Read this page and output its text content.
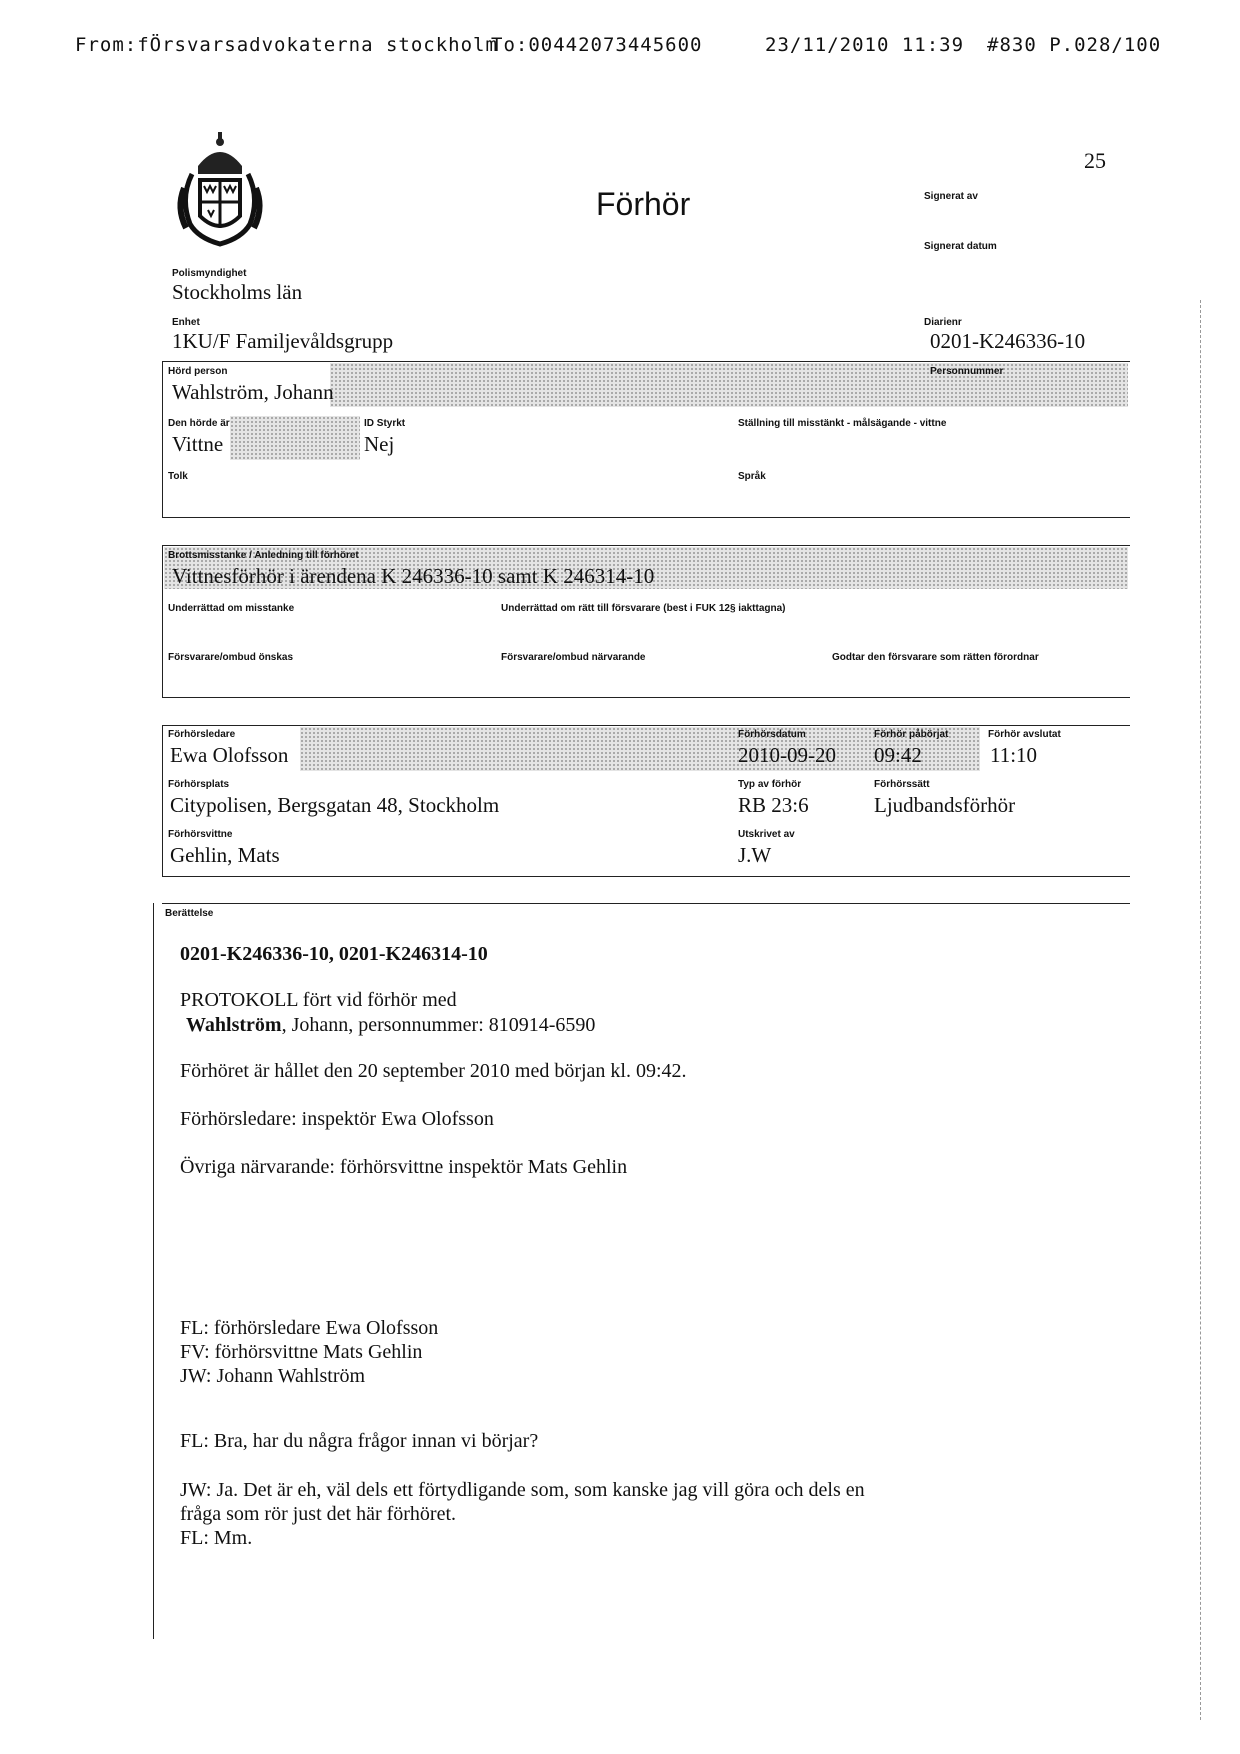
From:fÖrsvarsadvokaterna stockholm

To:00442073445600

	23/11/2010 11:39

#830 P.028/100

25
Förhör	Signerat av
Signerat datum
Polismyndighet
Stockholms län
Enhet
1KU/F Familjevåldsgrupp
Diarienr
0201-K246336-10
Hörd person
Wahlström, Johann
Personnummer
Den hörde är
Vittne
ID Styrkt
Nej
Ställning till misstänkt - målsägande - vittne
Tolk	Språk
Brottsmisstanke / Anledning till förhöret
Vittnesförhör i ärendena K 246336-10 samt K 246314-10
Underrättad om misstanke	Underrättad om rätt till försvarare (best i FUK 12§ iakttagna)
Försvarare/ombud önskas	Försvarare/ombud närvarande	Godtar den försvarare som rätten förordnar
Förhörsledare
Ewa Olofsson
Förhörsdatum
2010-09-20
Förhör påbörjat
09:42
Förhör avslutat
11:10
Förhörsplats
Citypolisen, Bergsgatan 48, Stockholm
Typ av förhör
RB 23:6
Förhörssätt
Ljudbandsförhör
Förhörsvittne
Gehlin, Mats
Utskrivet av
J.W
Berättelse
0201-K246336-10, 0201-K246314-10
PROTOKOLL fört vid förhör med
Wahlström, Johann, personnummer: 810914-6590
Förhöret är hållet den 20 september 2010 med början kl. 09:42.
Förhörsledare: inspektör Ewa Olofsson
Övriga närvarande: förhörsvittne inspektör Mats Gehlin
FL: förhörsledare Ewa Olofsson
FV: förhörsvittne Mats Gehlin
JW: Johann Wahlström
FL: Bra, har du några frågor innan vi börjar?
JW: Ja. Det är eh, väl dels ett förtydligande som, som kanske jag vill göra och dels en
fråga som rör just det här förhöret.
FL: Mm.
